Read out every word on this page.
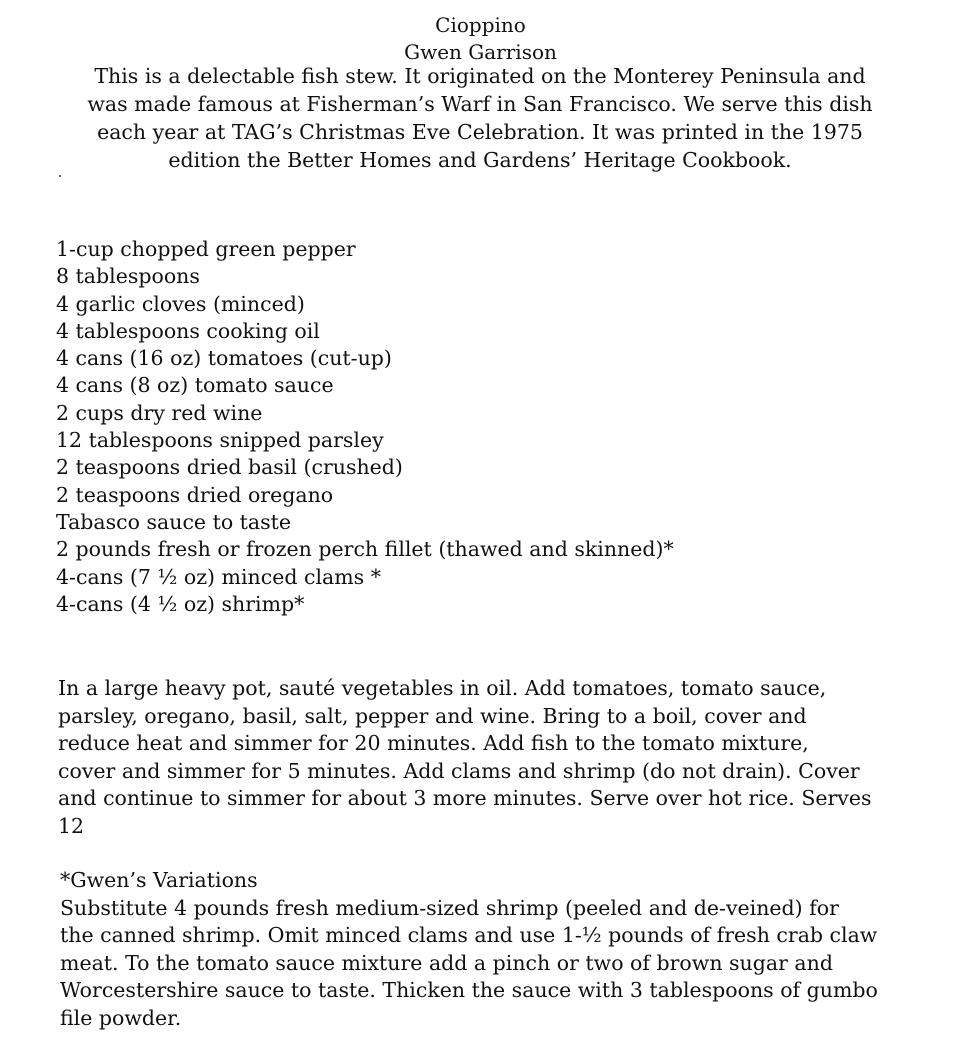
Cioppino
Gwen Garrison
This is a delectable fish stew. It originated on the Monterey Peninsula and
was made famous at Fisherman’s Warf in San Francisco. We serve this dish
each year at TAG’s Christmas Eve Celebration. It was printed in the 1975
edition the Better Homes and Gardens’ Heritage Cookbook.
1-cup chopped green pepper
8 tablespoons
4 garlic cloves (minced)
4 tablespoons cooking oil
4 cans (16 oz) tomatoes (cut-up)
4 cans (8 oz) tomato sauce
2 cups dry red wine
12 tablespoons snipped parsley
2 teaspoons dried basil (crushed)
2 teaspoons dried oregano
Tabasco sauce to taste
2 pounds fresh or frozen perch fillet (thawed and skinned)*
4-cans (7 ½ oz) minced clams *
4-cans (4 ½ oz) shrimp*
In a large heavy pot, sauté vegetables in oil. Add tomatoes, tomato sauce,
parsley, oregano, basil, salt, pepper and wine. Bring to a boil, cover and
reduce heat and simmer for 20 minutes. Add fish to the tomato mixture,
cover and simmer for 5 minutes. Add clams and shrimp (do not drain). Cover
and continue to simmer for about 3 more minutes. Serve over hot rice. Serves
12
*Gwen’s Variations
Substitute 4 pounds fresh medium-sized shrimp (peeled and de-veined) for
the canned shrimp. Omit minced clams and use 1-½ pounds of fresh crab claw
meat. To the tomato sauce mixture add a pinch or two of brown sugar and
Worcestershire sauce to taste. Thicken the sauce with 3 tablespoons of gumbo
file powder.
